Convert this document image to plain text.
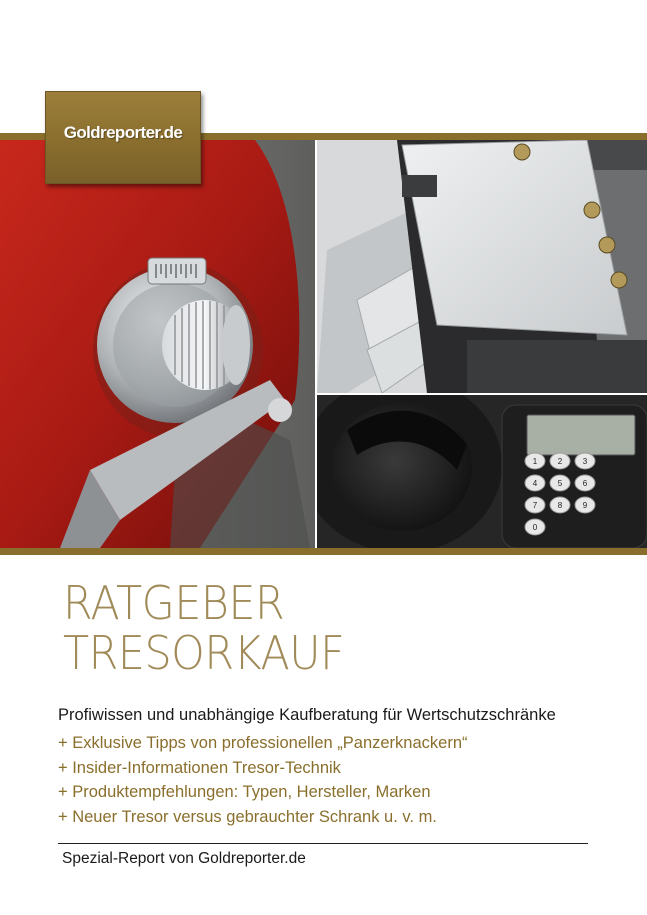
1	2	3
4	5	6
7	8	9
0
Goldreporter.de
RATGEBER
TRESORKAUF
Profiwissen und unabhängige Kaufberatung für Wertschutzschränke
+ Exklusive Tipps von professionellen „Panzerknackern“
+ Insider-Informationen Tresor-Technik
+ Produktempfehlungen: Typen, Hersteller, Marken
+ Neuer Tresor versus gebrauchter Schrank u. v. m.
Spezial-Report von Goldreporter.de
